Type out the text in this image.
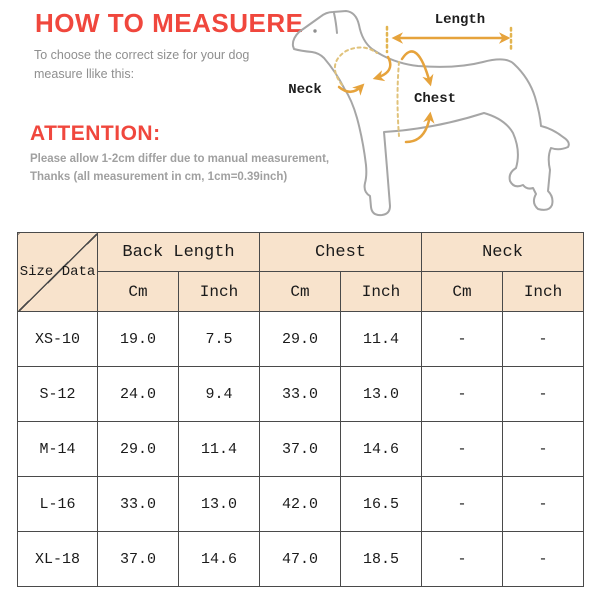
HOW TO MEASUERE

To choose the correct size for your dog
measure llike this:

ATTENTION:

Please allow 1-2cm differ due to manual measurement,
Thanks (all measurement in cm, 1cm=0.39inch)

Length
Neck
Chest
Size Data	Back Length		Chest		Neck	
	Cm	Inch	Cm	Inch	Cm	Inch
XS-10	19.0	7.5	29.0	11.4	-	-
S-12	24.0	9.4	33.0	13.0	-	-
M-14	29.0	11.4	37.0	14.6	-	-
L-16	33.0	13.0	42.0	16.5	-	-
XL-18	37.0	14.6	47.0	18.5	-	-
